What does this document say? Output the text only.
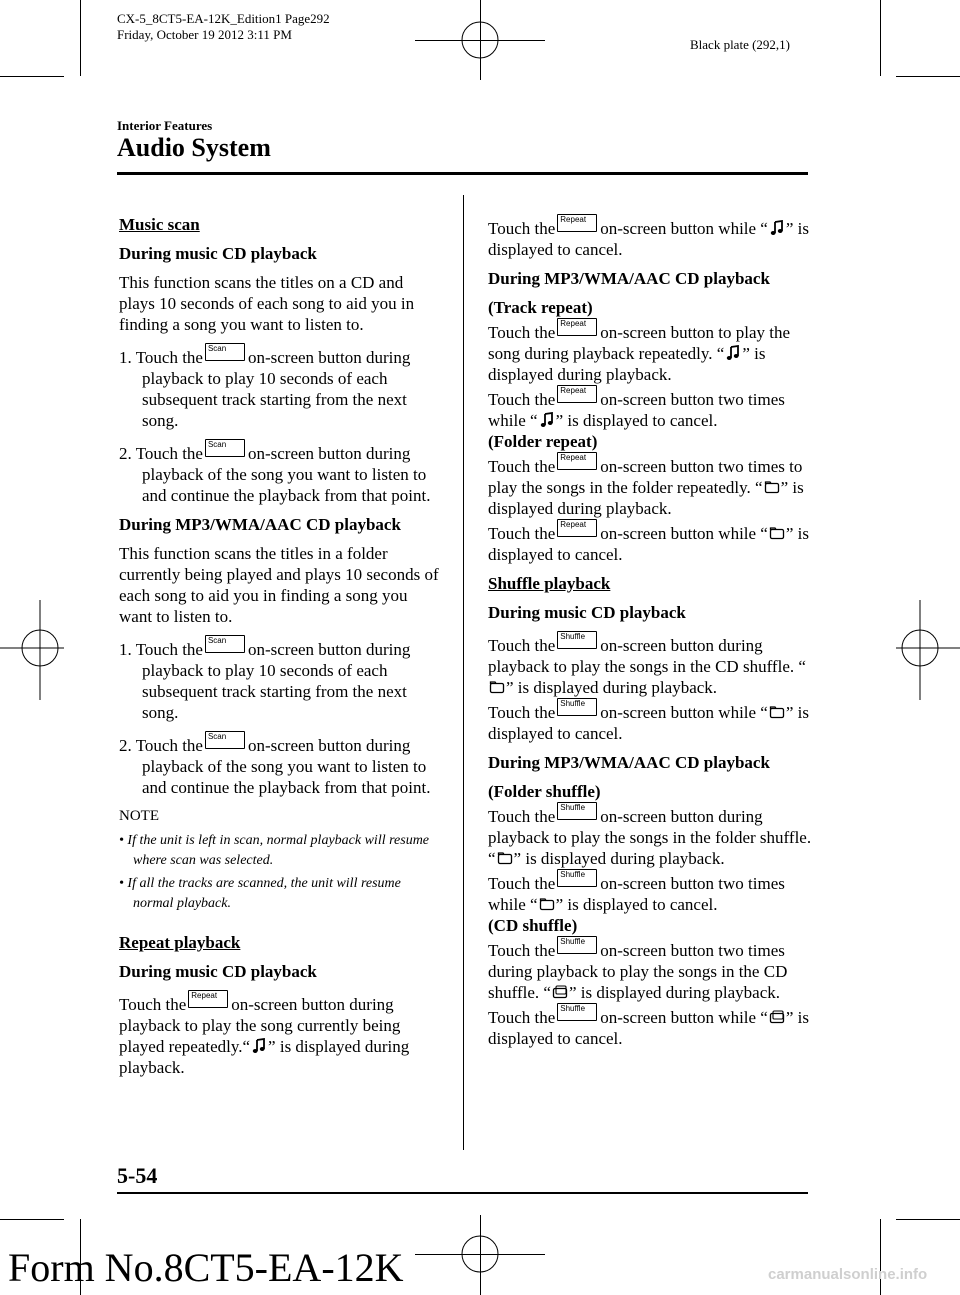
CX-5_8CT5-EA-12K_Edition1 Page292
Friday, October 19 2012 3:11 PM
Black plate (292,1)
Interior Features
Audio System
Music scan
During music CD playback

This function scans the titles on a CD and plays 10 seconds of each song to aid you in finding a song you want to listen to.

1. Touch the Scan on-screen button during playback to play 10 seconds of each subsequent track starting from the next song.
2. Touch the Scan on-screen button during playback of the song you want to listen to and continue the playback from that point.
During MP3/WMA/AAC CD playback

This function scans the titles in a folder currently being played and plays 10 seconds of each song to aid you in finding a song you want to listen to.

1. Touch the Scan on-screen button during playback to play 10 seconds of each subsequent track starting from the next song.
2. Touch the Scan on-screen button during playback of the song you want to listen to and continue the playback from that point.
NOTE
• If the unit is left in scan, normal playback will resume where scan was selected.
• If all the tracks are scanned, the unit will resume normal playback.
Repeat playback
During music CD playback

Touch the Repeat on-screen button during playback to play the song currently being played repeatedly.“ ” is displayed during playback.

Touch the Repeat on-screen button while “ ” is displayed to cancel.

During MP3/WMA/AAC CD playback
(Track repeat)
Touch the Repeat on-screen button to play the song during playback repeatedly. “ ” is displayed during playback.
Touch the Repeat on-screen button two times while “ ” is displayed to cancel.
(Folder repeat)
Touch the Repeat on-screen button two times to play the songs in the folder repeatedly. “ ” is displayed during playback.

Touch the Repeat on-screen button while “ ” is displayed to cancel.

Shuffle playback
During music CD playback
Touch the Shuffle on-screen button during playback to play the songs in the CD shuffle. “” is displayed during playback.

Touch the Shuffle on-screen button while “ ” is displayed to cancel.

During MP3/WMA/AAC CD playback
(Folder shuffle)
Touch the Shuffle on-screen button during playback to play the songs in the folder shuffle. “ ” is displayed during playback.
Touch the Shuffle on-screen button two times while “ ” is displayed to cancel.
(CD shuffle)
Touch the Shuffle on-screen button two times during playback to play the songs in the CD shuffle. “ ” is displayed during playback.
Touch the Shuffle on-screen button while “ ” is displayed to cancel.
5-54
Form No.8CT5-EA-12K	carmanualsonline.info
